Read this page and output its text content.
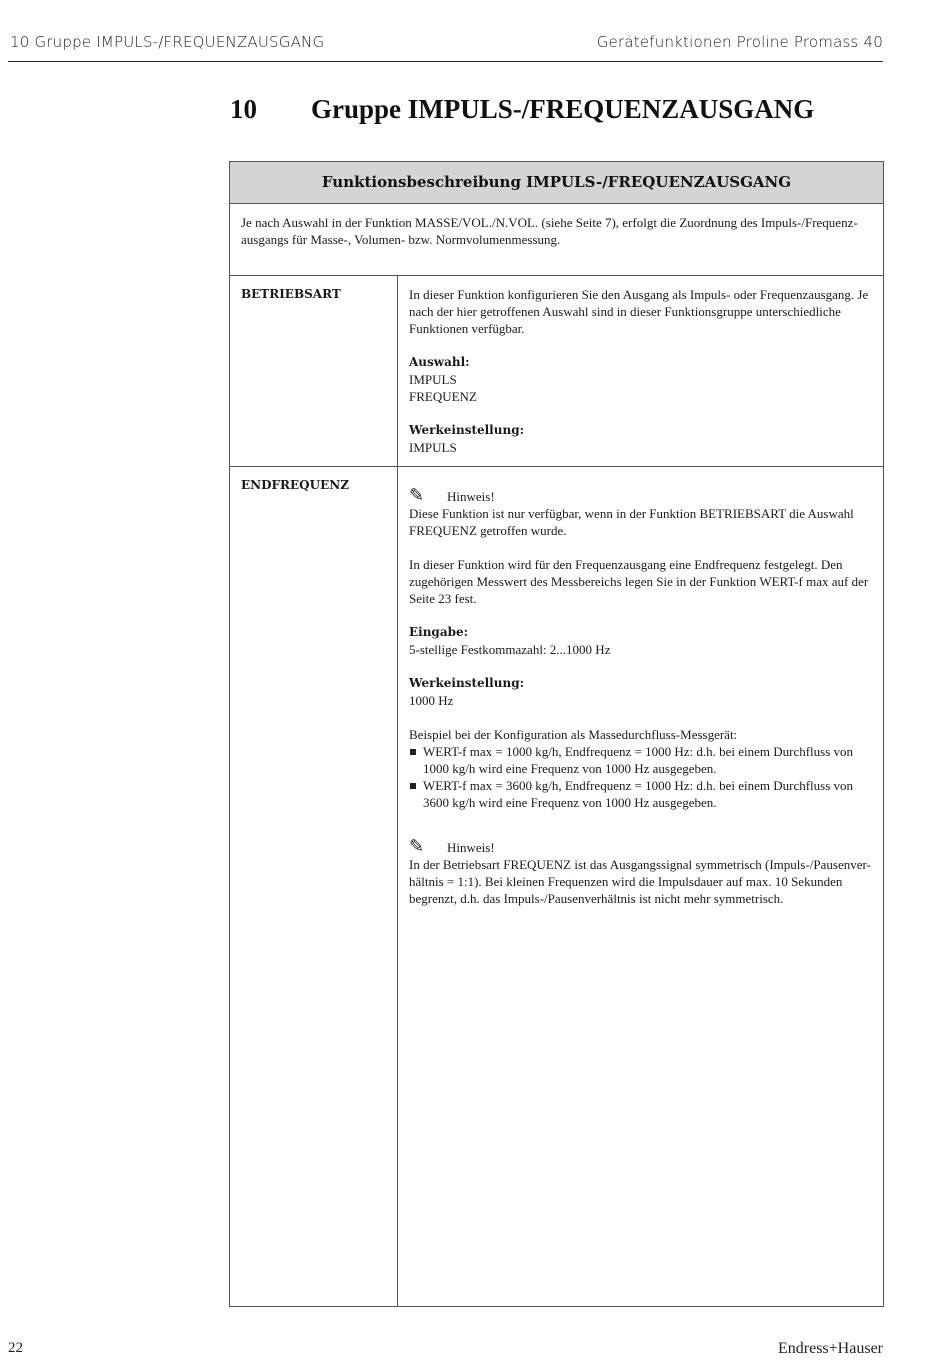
10 Gruppe IMPULS-/FREQUENZAUSGANG	Gerätefunktionen Proline Promass 40
10 Gruppe IMPULS-/FREQUENZAUSGANG
Funktionsbeschreibung IMPULS-/FREQUENZAUSGANG

Je nach Auswahl in der Funktion MASSE/VOL./N.VOL. (siehe Seite 7), erfolgt die Zuordnung des Impuls-/Frequenz-

ausgangs für Masse-, Volumen- bzw. Normvolumenmessung.

BETRIEBSART	In dieser Funktion konfigurieren Sie den Ausgang als Impuls- oder Frequenzausgang. Je

nach der hier getroffenen Auswahl sind in dieser Funktionsgruppe unterschiedliche

Funktionen verfügbar.

Auswahl:

IMPULS

FREQUENZ

Werkeinstellung:

IMPULS

ENDFREQUENZ	✎	Hinweis!

Diese Funktion ist nur verfügbar, wenn in der Funktion BETRIEBSART die Auswahl

FREQUENZ getroffen wurde.

In dieser Funktion wird für den Frequenzausgang eine Endfrequenz festgelegt. Den

zugehörigen Messwert des Messbereichs legen Sie in der Funktion WERT-f max auf der

Seite 23 fest.

Eingabe:

5-stellige Festkommazahl: 2...1000 Hz

Werkeinstellung:

1000 Hz

Beispiel bei der Konfiguration als Massedurchfluss-Messgerät:

WERT-f max = 1000 kg/h, Endfrequenz = 1000 Hz: d.h. bei einem Durchfluss von
1000 kg/h wird eine Frequenz von 1000 Hz ausgegeben.
WERT-f max = 3600 kg/h, Endfrequenz = 1000 Hz: d.h. bei einem Durchfluss von
3600 kg/h wird eine Frequenz von 1000 Hz ausgegeben.
✎	Hinweis!

In der Betriebsart FREQUENZ ist das Ausgangssignal symmetrisch (Impuls-/Pausenver-

hältnis = 1:1). Bei kleinen Frequenzen wird die Impulsdauer auf max. 10 Sekunden

begrenzt, d.h. das Impuls-/Pausenverhältnis ist nicht mehr symmetrisch.

22	Endress+Hauser
